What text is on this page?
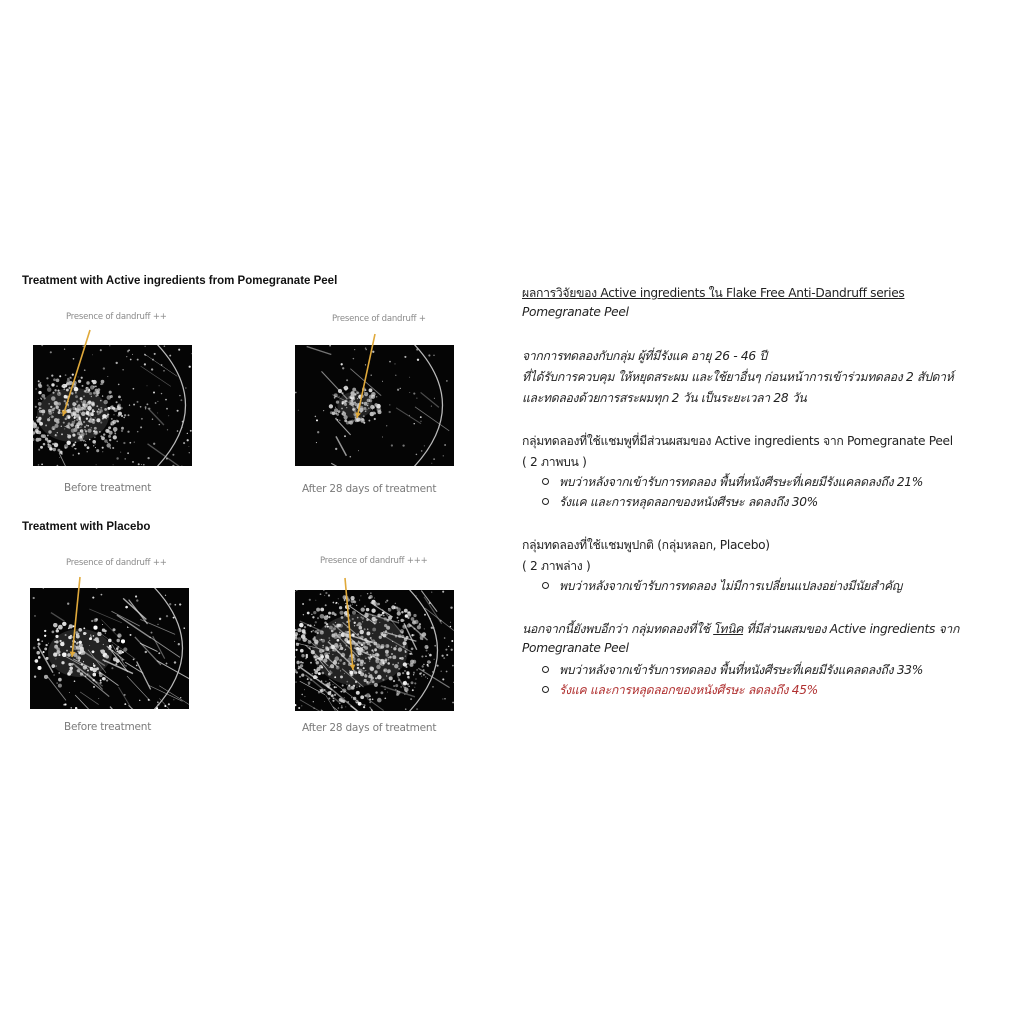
Treatment with Active ingredients from Pomegranate Peel
Presence of dandruff ++	Presence of dandruff +
Before treatment	After 28 days of treatment
Treatment with Placebo
Presence of dandruff ++	Presence of dandruff +++
Before treatment	After 28 days of treatment
ผลการวิจัยของ Active ingredients ใน Flake Free Anti-Dandruff series
Pomegranate Peel
จากการทดลองกับกลุ่ม ผู้ที่มีรังแค อายุ 26 - 46 ปี
ที่ได้รับการควบคุม ให้หยุดสระผม และใช้ยาอื่นๆ ก่อนหน้าการเข้าร่วมทดลอง 2 สัปดาห์
และทดลองด้วยการสระผมทุก 2 วัน เป็นระยะเวลา 28 วัน
กลุ่มทดลองที่ใช้แชมพูที่มีส่วนผสมของ Active ingredients จาก Pomegranate Peel
( 2 ภาพบน )
พบว่าหลังจากเข้ารับการทดลอง พื้นที่หนังศีรษะที่เคยมีรังแคลดลงถึง 21%
รังแค และการหลุดลอกของหนังศีรษะ ลดลงถึง 30%
กลุ่มทดลองที่ใช้แชมพูปกติ (กลุ่มหลอก, Placebo)
( 2 ภาพล่าง )
พบว่าหลังจากเข้ารับการทดลอง ไม่มีการเปลี่ยนแปลงอย่างมีนัยสำคัญ
นอกจากนี้ยังพบอีกว่า กลุ่มทดลองที่ใช้ โทนิค ที่มีส่วนผสมของ Active ingredients จาก
Pomegranate Peel
พบว่าหลังจากเข้ารับการทดลอง พื้นที่หนังศีรษะที่เคยมีรังแคลดลงถึง 33%
รังแค และการหลุดลอกของหนังศีรษะ ลดลงถึง 45%
